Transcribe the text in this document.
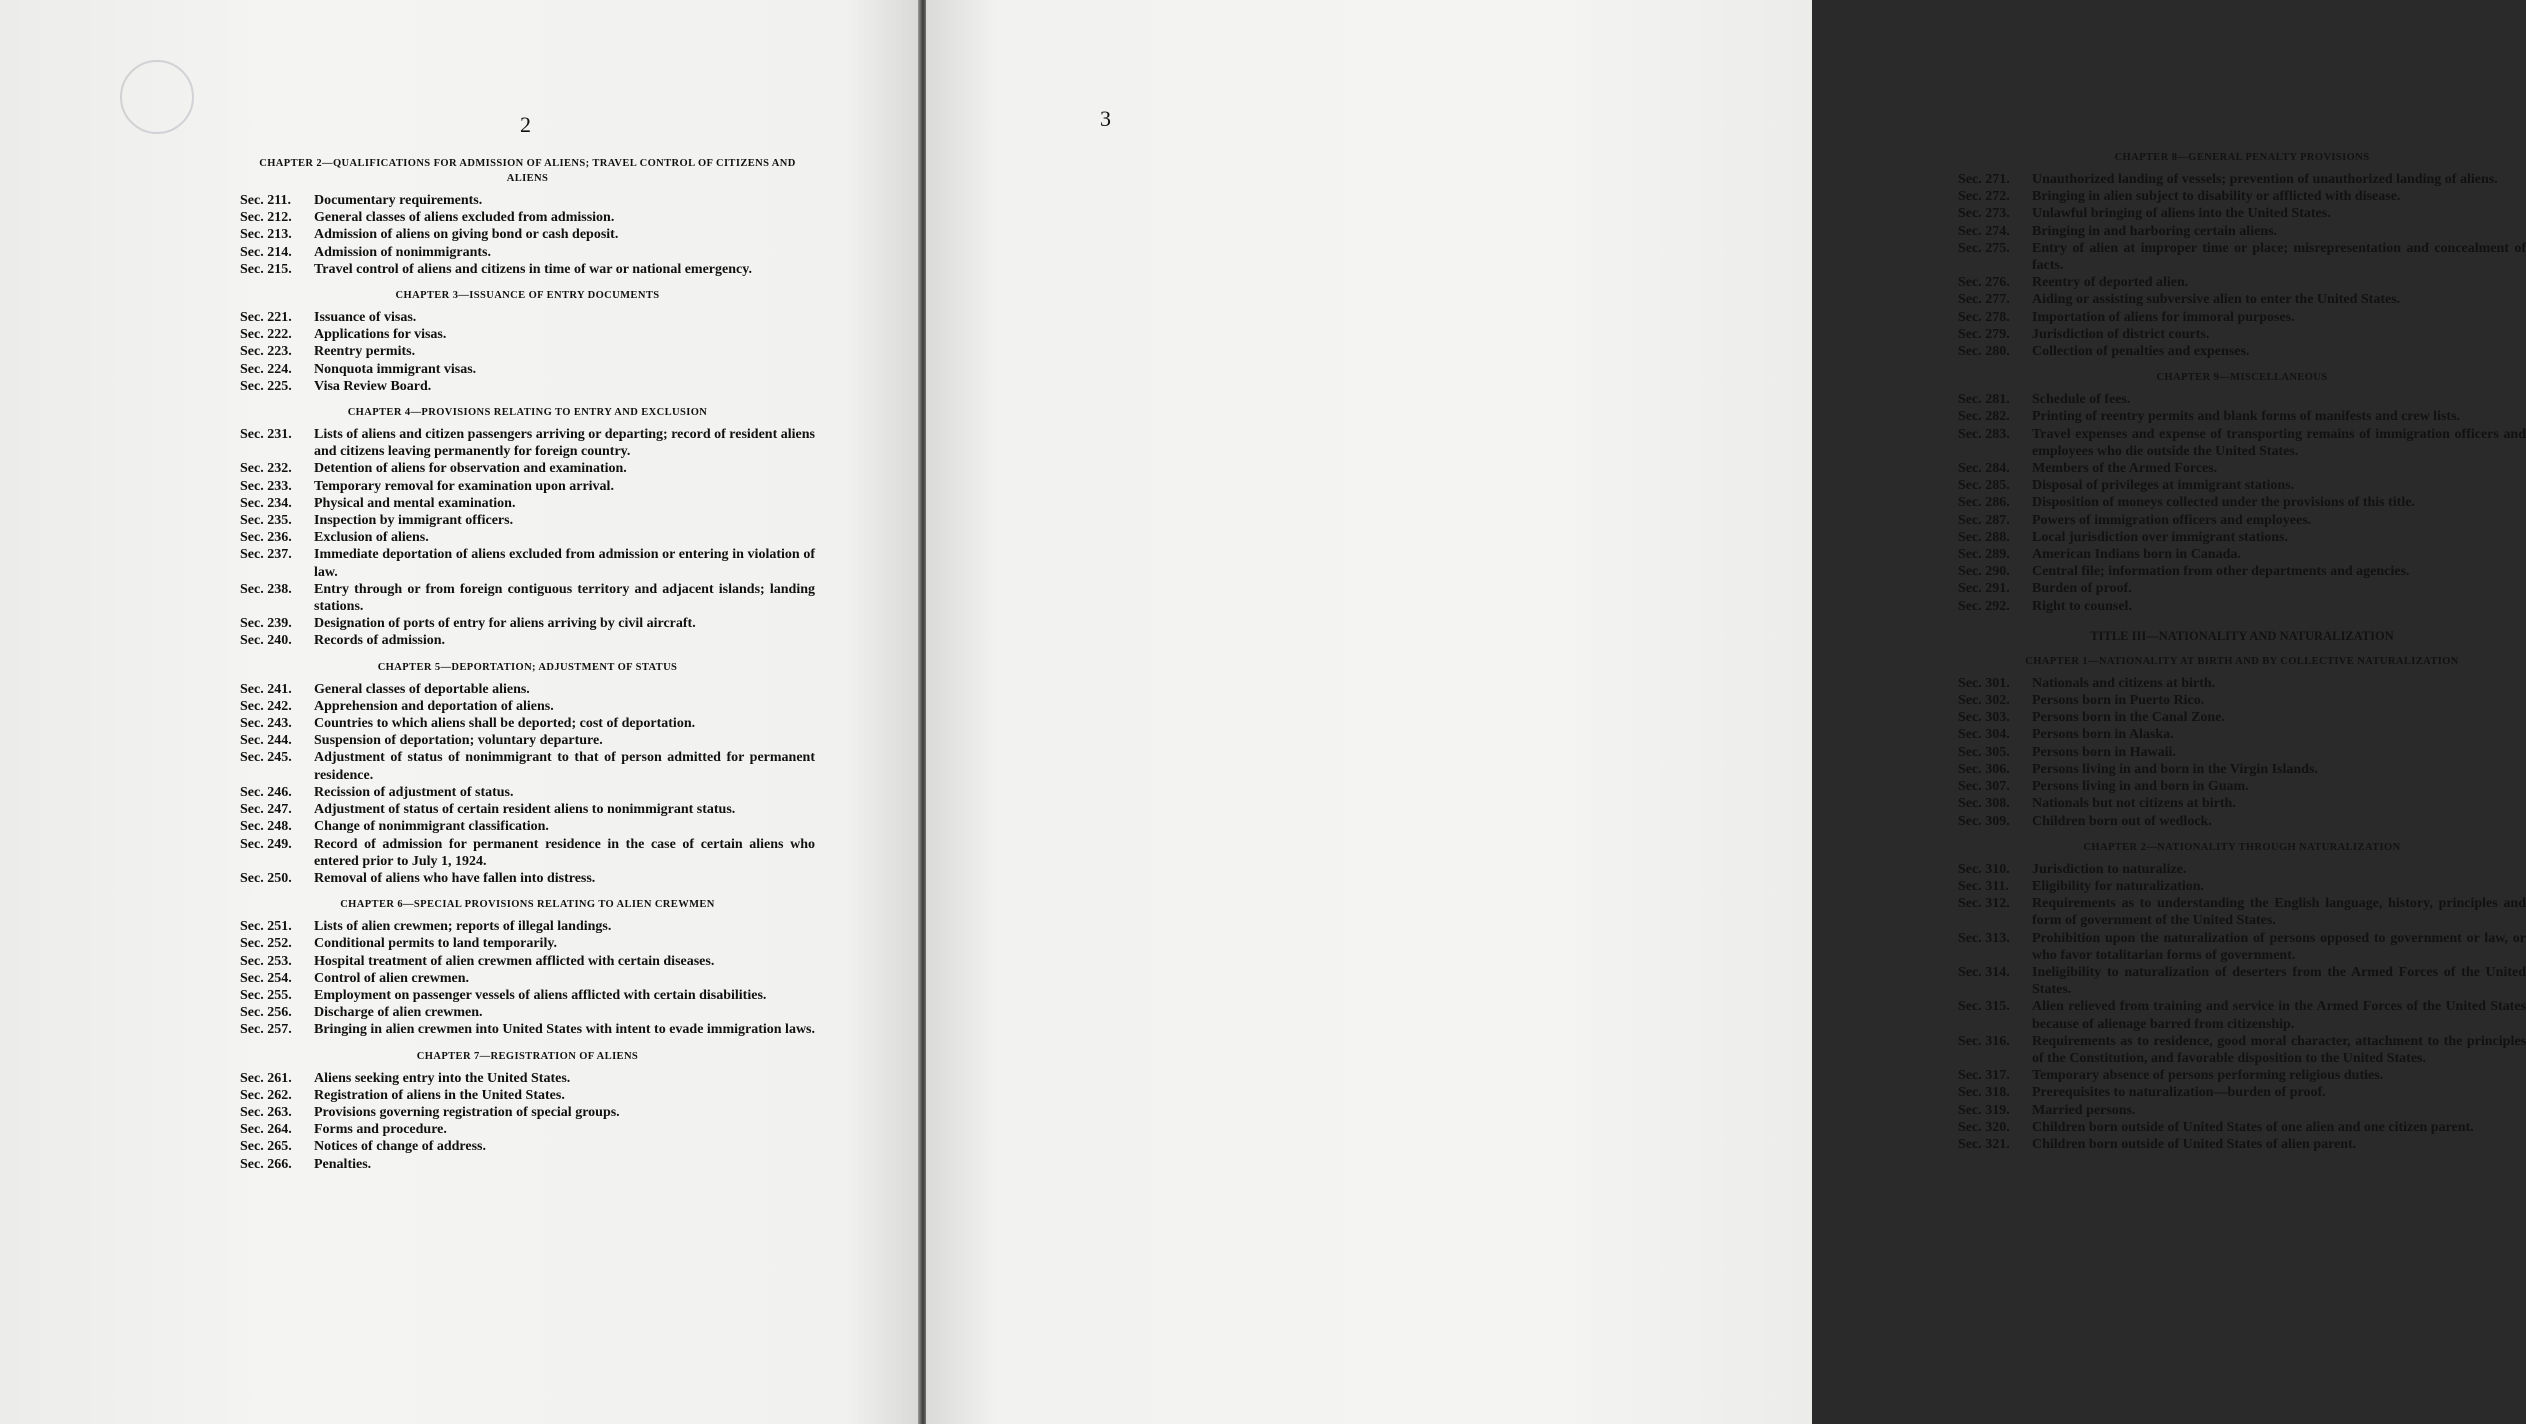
2
CHAPTER 2—QUALIFICATIONS FOR ADMISSION OF ALIENS; TRAVEL CONTROL OF CITIZENS AND ALIENS
Sec. 211.	Documentary requirements.
Sec. 212.	General classes of aliens excluded from admission.
Sec. 213.	Admission of aliens on giving bond or cash deposit.
Sec. 214.	Admission of nonimmigrants.
Sec. 215.	Travel control of aliens and citizens in time of war or national emergency.
CHAPTER 3—ISSUANCE OF ENTRY DOCUMENTS
Sec. 221.	Issuance of visas.
Sec. 222.	Applications for visas.
Sec. 223.	Reentry permits.
Sec. 224.	Nonquota immigrant visas.
Sec. 225.	Visa Review Board.
CHAPTER 4—PROVISIONS RELATING TO ENTRY AND EXCLUSION
Sec. 231.	Lists of aliens and citizen passengers arriving or departing; record of resident aliens and citizens leaving permanently for foreign country.
Sec. 232.	Detention of aliens for observation and examination.
Sec. 233.	Temporary removal for examination upon arrival.
Sec. 234.	Physical and mental examination.
Sec. 235.	Inspection by immigrant officers.
Sec. 236.	Exclusion of aliens.
Sec. 237.	Immediate deportation of aliens excluded from admission or entering in violation of law.
Sec. 238.	Entry through or from foreign contiguous territory and adjacent islands; landing stations.
Sec. 239.	Designation of ports of entry for aliens arriving by civil aircraft.
Sec. 240.	Records of admission.
CHAPTER 5—DEPORTATION; ADJUSTMENT OF STATUS
Sec. 241.	General classes of deportable aliens.
Sec. 242.	Apprehension and deportation of aliens.
Sec. 243.	Countries to which aliens shall be deported; cost of deportation.
Sec. 244.	Suspension of deportation; voluntary departure.
Sec. 245.	Adjustment of status of nonimmigrant to that of person admitted for permanent residence.
Sec. 246.	Recission of adjustment of status.
Sec. 247.	Adjustment of status of certain resident aliens to nonimmigrant status.
Sec. 248.	Change of nonimmigrant classification.
Sec. 249.	Record of admission for permanent residence in the case of certain aliens who entered prior to July 1, 1924.
Sec. 250.	Removal of aliens who have fallen into distress.
CHAPTER 6—SPECIAL PROVISIONS RELATING TO ALIEN CREWMEN
Sec. 251.	Lists of alien crewmen; reports of illegal landings.
Sec. 252.	Conditional permits to land temporarily.
Sec. 253.	Hospital treatment of alien crewmen afflicted with certain diseases.
Sec. 254.	Control of alien crewmen.
Sec. 255.	Employment on passenger vessels of aliens afflicted with certain disabilities.
Sec. 256.	Discharge of alien crewmen.
Sec. 257.	Bringing in alien crewmen into United States with intent to evade immigration laws.
CHAPTER 7—REGISTRATION OF ALIENS
Sec. 261.	Aliens seeking entry into the United States.
Sec. 262.	Registration of aliens in the United States.
Sec. 263.	Provisions governing registration of special groups.
Sec. 264.	Forms and procedure.
Sec. 265.	Notices of change of address.
Sec. 266.	Penalties.
CHAPTER 8—GENERAL PENALTY PROVISIONS
Sec. 271.	Unauthorized landing of vessels; prevention of unauthorized landing of aliens.
Sec. 272.	Bringing in alien subject to disability or afflicted with disease.
Sec. 273.	Unlawful bringing of aliens into the United States.
Sec. 274.	Bringing in and harboring certain aliens.
Sec. 275.	Entry of alien at improper time or place; misrepresentation and concealment of facts.
Sec. 276.	Reentry of deported alien.
Sec. 277.	Aiding or assisting subversive alien to enter the United States.
Sec. 278.	Importation of aliens for immoral purposes.
Sec. 279.	Jurisdiction of district courts.
Sec. 280.	Collection of penalties and expenses.
CHAPTER 9—MISCELLANEOUS
Sec. 281.	Schedule of fees.
Sec. 282.	Printing of reentry permits and blank forms of manifests and crew lists.
Sec. 283.	Travel expenses and expense of transporting remains of immigration officers and employees who die outside the United States.
Sec. 284.	Members of the Armed Forces.
Sec. 285.	Disposal of privileges at immigrant stations.
Sec. 286.	Disposition of moneys collected under the provisions of this title.
Sec. 287.	Powers of immigration officers and employees.
Sec. 288.	Local jurisdiction over immigrant stations.
Sec. 289.	American Indians born in Canada.
Sec. 290.	Central file; information from other departments and agencies.
Sec. 291.	Burden of proof.
Sec. 292.	Right to counsel.
TITLE III—NATIONALITY AND NATURALIZATION
CHAPTER 1—NATIONALITY AT BIRTH AND BY COLLECTIVE NATURALIZATION
Sec. 301.	Nationals and citizens at birth.
Sec. 302.	Persons born in Puerto Rico.
Sec. 303.	Persons born in the Canal Zone.
Sec. 304.	Persons born in Alaska.
Sec. 305.	Persons born in Hawaii.
Sec. 306.	Persons living in and born in the Virgin Islands.
Sec. 307.	Persons living in and born in Guam.
Sec. 308.	Nationals but not citizens at birth.
Sec. 309.	Children born out of wedlock.
CHAPTER 2—NATIONALITY THROUGH NATURALIZATION
Sec. 310.	Jurisdiction to naturalize.
Sec. 311.	Eligibility for naturalization.
Sec. 312.	Requirements as to understanding the English language, history, principles and form of government of the United States.
Sec. 313.	Prohibition upon the naturalization of persons opposed to government or law, or who favor totalitarian forms of government.
Sec. 314.	Ineligibility to naturalization of deserters from the Armed Forces of the United States.
Sec. 315.	Alien relieved from training and service in the Armed Forces of the United States because of alienage barred from citizenship.
Sec. 316.	Requirements as to residence, good moral character, attachment to the principles of the Constitution, and favorable disposition to the United States.
Sec. 317.	Temporary absence of persons performing religious duties.
Sec. 318.	Prerequisites to naturalization—burden of proof.
Sec. 319.	Married persons.
Sec. 320.	Children born outside of United States of one alien and one citizen parent.
Sec. 321.	Children born outside of United States of alien parent.
3
